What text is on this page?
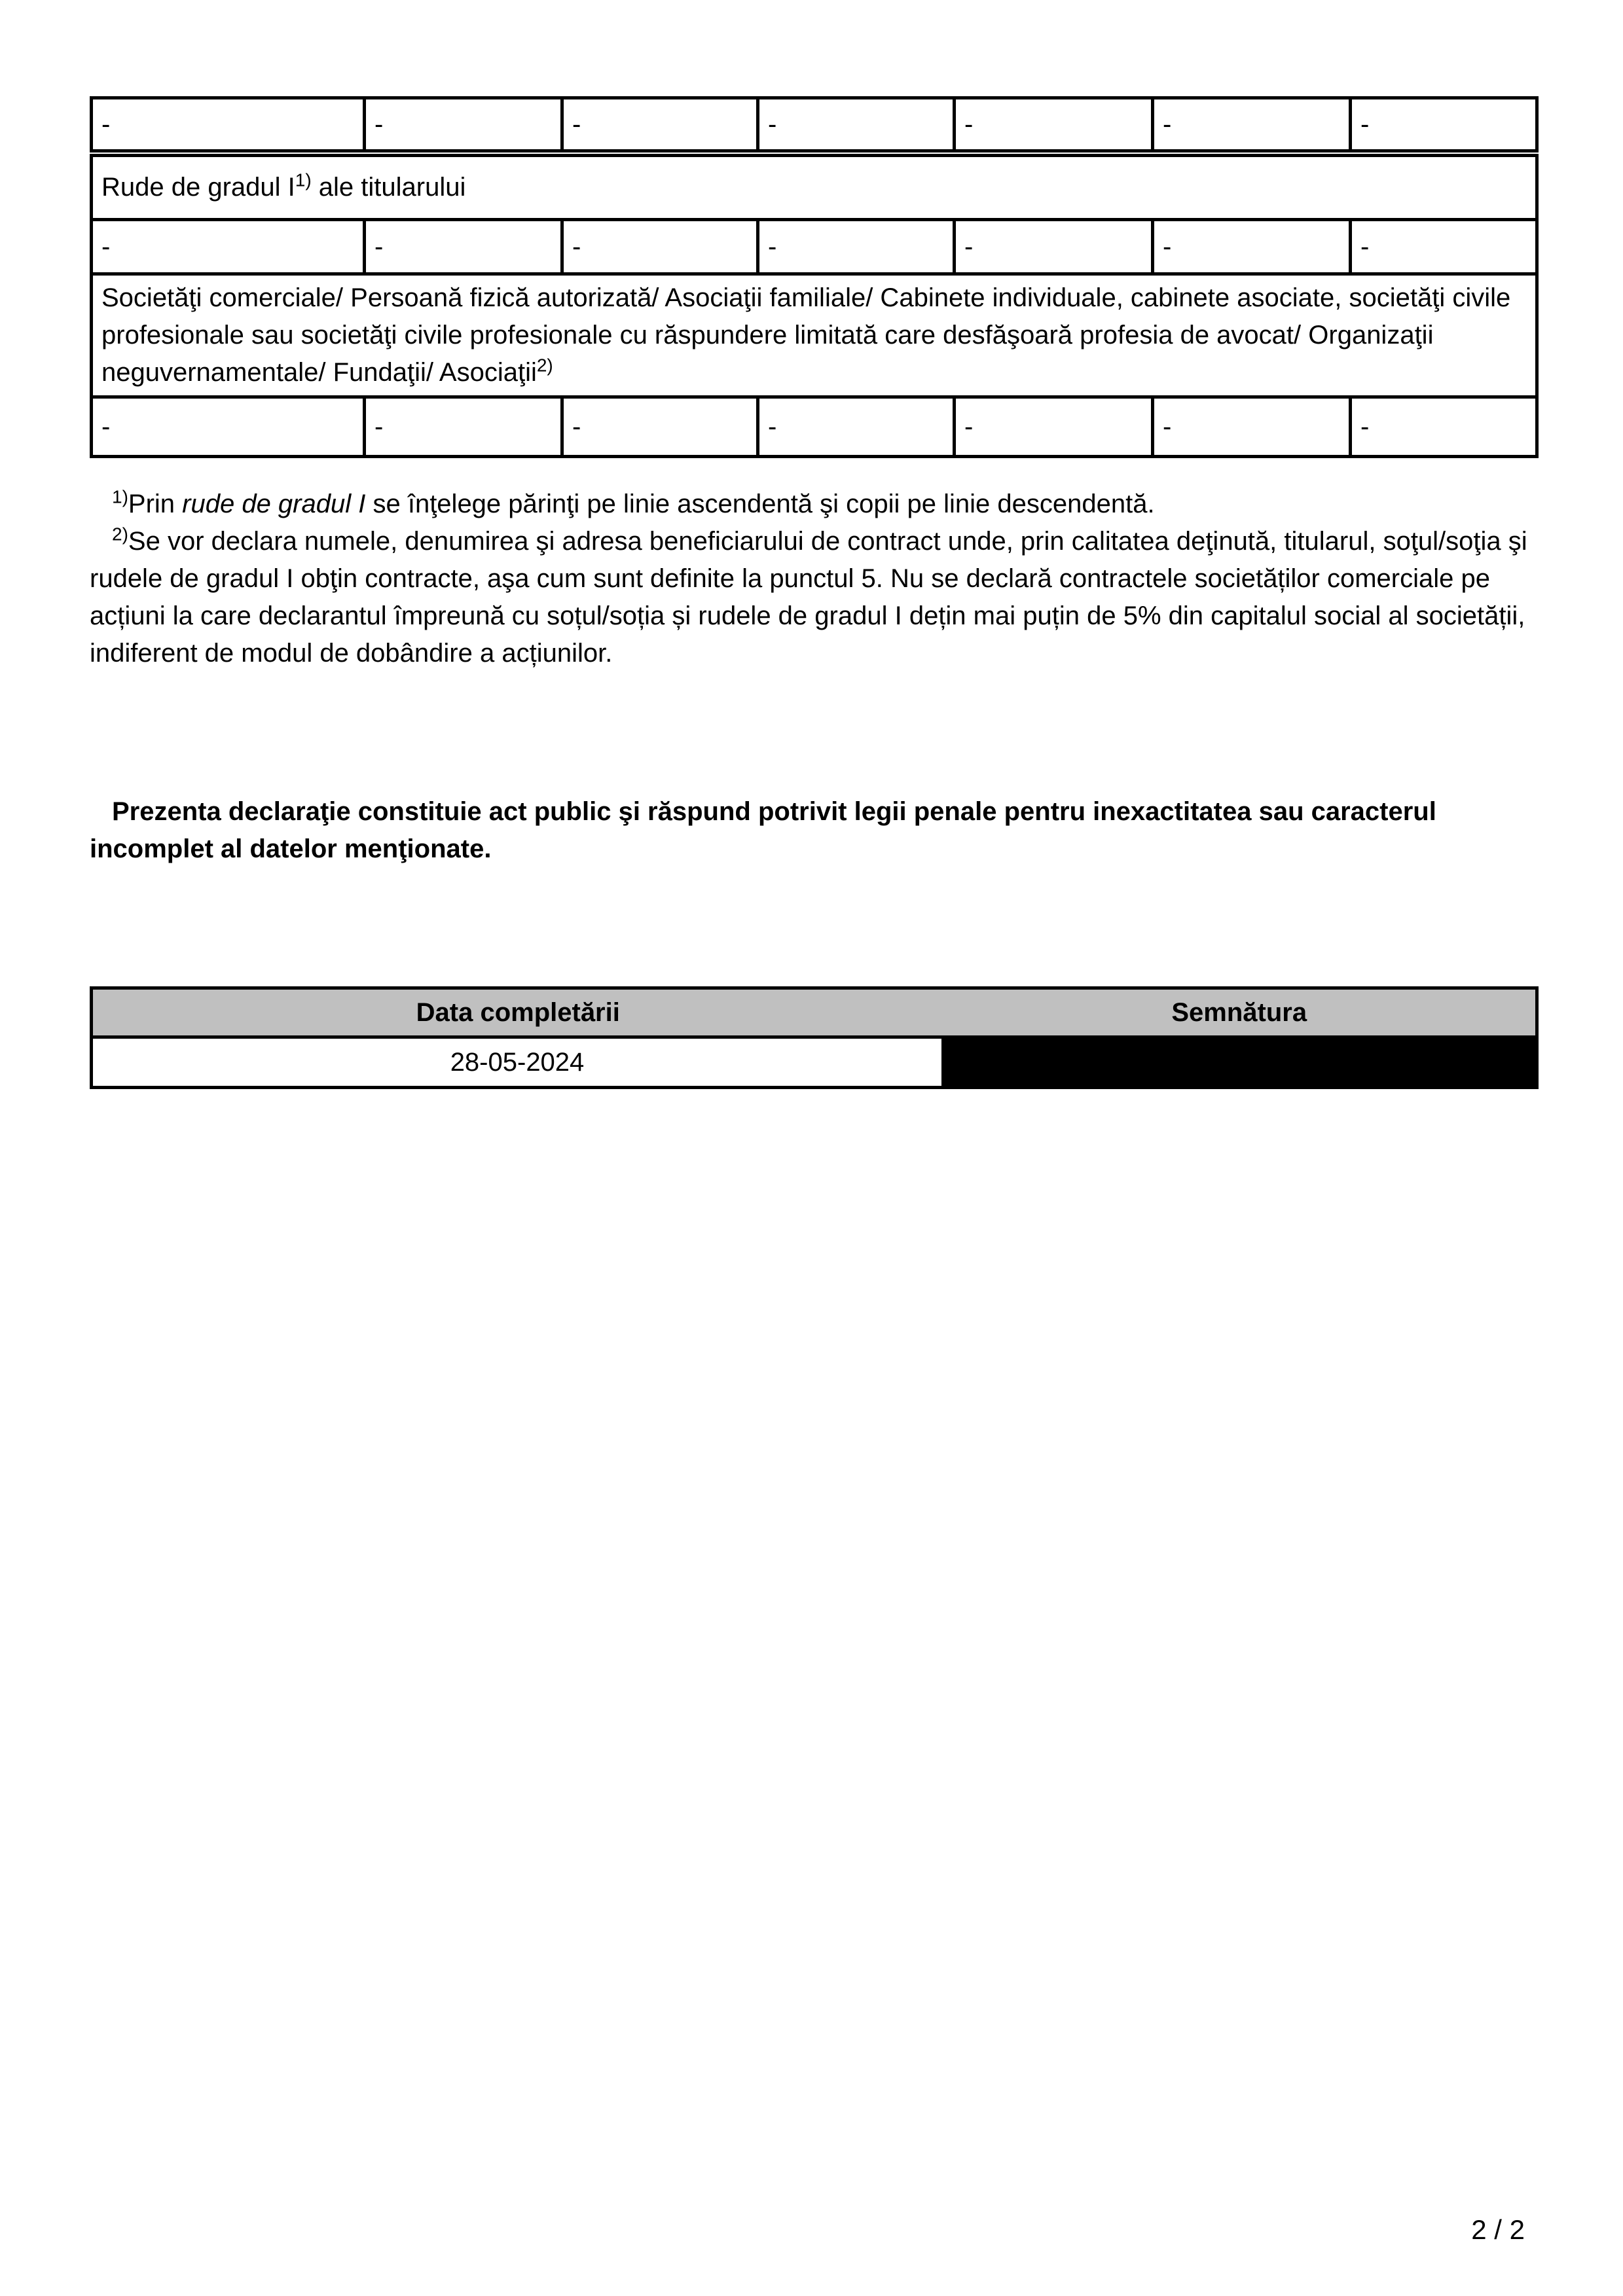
-	-	-	-	-	-	-
Rude de gradul I$^{1)}$ ale titularului						
-	-	-	-	-	-	-
Societăţi comerciale/ Persoană fizică autorizată/ Asociaţii familiale/ Cabinete individuale, cabinete asociate, societăţi civile profesionale sau societăţi civile profesionale cu răspundere limitată care desfăşoară profesia de avocat/ Organizaţii neguvernamentale/ Fundaţii/ Asociaţii$^{2)}$
-	-	-	-	-	-	-

$^{1)}$Prin rude de gradul I se înţelege părinţi pe linie ascendentă şi copii pe linie descendentă.

$^{2)}$Se vor declara numele, denumirea şi adresa beneficiarului de contract unde, prin calitatea deţinută, titularul, soţul/soţia şi rudele de gradul I obţin contracte, aşa cum sunt definite la punctul 5. Nu se declară contractele societăților comerciale pe acțiuni la care declarantul împreună cu soțul/soția și rudele de gradul I dețin mai puțin de 5% din capitalul social al societății, indiferent de modul de dobândire a acțiunilor.

Prezenta declaraţie constituie act public şi răspund potrivit legii penale pentru inexactitatea sau caracterul incomplet al datelor menţionate.

Data completării	Semnătura
28-05-2024	
2 / 2
